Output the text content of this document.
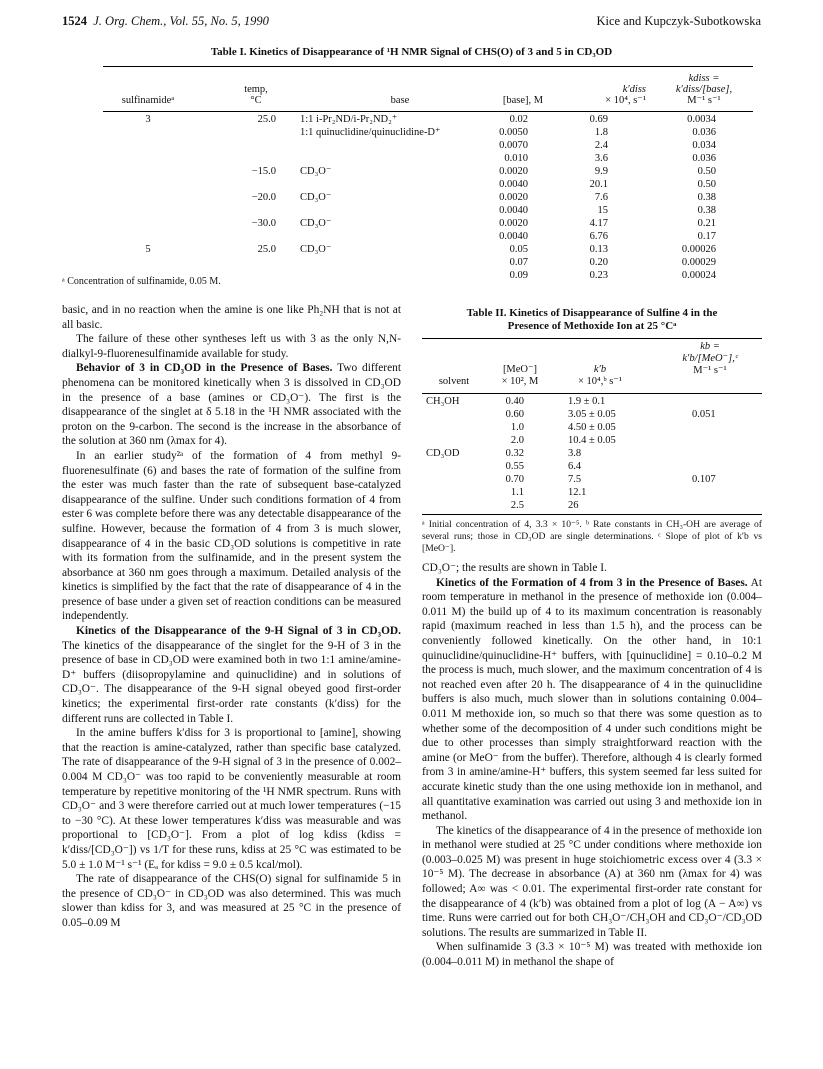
1524 J. Org. Chem., Vol. 55, No. 5, 1990	Kice and Kupczyk-Subotkowska
Table I. Kinetics of Disappearance of ¹H NMR Signal of CHS(O) of 3 and 5 in CD₃OD
sulfinamideᵃ
temp,
°C	base	[base], M
k′diss
× 10⁴, s⁻¹
kdiss =
k′diss/[base],
M⁻¹ s⁻¹
3	25.0 1:1 i-Pr₂ND/i-Pr₂ND₂⁺	0.02	0.69	0.0034
1:1 quinuclidine/quinuclidine-D⁺	0.0050	1.8	0.036
0.0070	2.4	0.034
0.010	3.6	0.036
−15.0 CD₃O⁻	0.0020	9.9	0.50
0.0040	20.1	0.50
−20.0 CD₃O⁻	0.0020	7.6	0.38
0.0040	15	0.38
−30.0 CD₃O⁻	0.0020	4.17	0.21
0.0040	6.76	0.17
5	25.0 CD₃O⁻	0.05	0.13	0.00026
0.07	0.20	0.00029
0.09	0.23	0.00024
ᵃ Concentration of sulfinamide, 0.05 M.

basic, and in no reaction when the amine is one like Ph₂NH that is not at all basic.

The failure of these other syntheses left us with 3 as the only N,N-dialkyl-9-fluorenesulfinamide available for study.

Behavior of 3 in CD₃OD in the Presence of Bases. Two different phenomena can be monitored kinetically when 3 is dissolved in CD₃OD in the presence of a base (amines or CD₃O⁻). The first is the disappearance of the singlet at δ 5.18 in the ¹H NMR associated with the proton on the 9-carbon. The second is the increase in the absorbance of the solution at 360 nm (λmax for 4).

In an earlier study²ᵃ of the formation of 4 from methyl 9-fluorenesulfinate (6) and bases the rate of formation of the sulfine from the ester was much faster than the rate of subsequent base-catalyzed disappearance of the sulfine. Under such conditions formation of 4 from ester 6 was complete before there was any detectable disappearance of the sulfine. However, because the formation of 4 from 3 is much slower, disappearance of 4 in the basic CD₃OD solutions is competitive in rate with its formation from the sulfinamide, and in the present system the absorbance at 360 nm goes through a maximum. Detailed analysis of the kinetics is simplified by the fact that the rate of disappearance of 4 in the presence of base under a given set of reaction conditions can be measured independently.

Kinetics of the Disappearance of the 9-H Signal of 3 in CD₃OD. The kinetics of the disappearance of the singlet for the 9-H of 3 in the presence of base in CD₃OD were examined both in two 1:1 amine/amine-D⁺ buffers (diisopropylamine and quinuclidine) and in solutions of CD₃O⁻. The disappearance of the 9-H signal obeyed good first-order kinetics; the experimental first-order rate constants (k′diss) for the different runs are collected in Table I.

In the amine buffers k′diss for 3 is proportional to [amine], showing that the reaction is amine-catalyzed, rather than specific base catalyzed. The rate of disappearance of the 9-H signal of 3 in the presence of 0.002–0.004 M CD₃O⁻ was too rapid to be conveniently measurable at room temperature by repetitive monitoring of the ¹H NMR spectrum. Runs with CD₃O⁻ and 3 were therefore carried out at much lower temperatures (−15 to −30 °C). At these lower temperatures k′diss was measurable and was proportional to [CD₃O⁻]. From a plot of log kdiss (kdiss = k′diss/[CD₃O⁻]) vs 1/T for these runs, kdiss at 25 °C was estimated to be 5.0 ± 1.0 M⁻¹ s⁻¹ (Eₐ for kdiss = 9.0 ± 0.5 kcal/mol).

The rate of disappearance of the CHS(O) signal for sulfinamide 5 in the presence of CD₃O⁻ in CD₃OD was also determined. This was much slower than kdiss for 3, and was measured at 25 °C in the presence of 0.05–0.09 M

Table II. Kinetics of Disappearance of Sulfine 4 in the
Presence of Methoxide Ion at 25 °Cᵃ
solvent
[MeO⁻]
× 10², M
k′b
× 10⁴,ᵇ s⁻¹
kb =
k′b/[MeO⁻],ᶜ
M⁻¹ s⁻¹
CH₃OH	0.40	1.9 ± 0.1
0.60	3.05 ± 0.05	0.051
1.0	4.50 ± 0.05
2.0	10.4 ± 0.05
CD₃OD	0.32	3.8
0.55	6.4
0.70	7.5	0.107
1.1	12.1
2.5	26
ᵃ Initial concentration of 4, 3.3 × 10⁻⁵. ᵇ Rate constants in CH₃-OH are average of several runs; those in CD₃OD are single determinations. ᶜ Slope of plot of k′b vs [MeO⁻].

CD₃O⁻; the results are shown in Table I.

Kinetics of the Formation of 4 from 3 in the Presence of Bases. At room temperature in methanol in the presence of methoxide ion (0.004–0.011 M) the build up of 4 to its maximum concentration is reasonably rapid (maximum reached in less than 1.5 h), and the process can be conveniently followed kinetically. On the other hand, in 10:1 quinuclidine/quinuclidine-H⁺ buffers, with [quinuclidine] = 0.10–0.2 M the process is much, much slower, and the maximum concentration of 4 is not reached even after 20 h. The disappearance of 4 in the quinuclidine buffers is also much, much slower than in solutions containing 0.004–0.011 M methoxide ion, so much so that there was some question as to whether some of the decomposition of 4 under such conditions might be due to other processes than simply straightforward reaction with the amine (or MeO⁻ from the buffer). Therefore, although 4 is clearly formed from 3 in amine/amine-H⁺ buffers, this system seemed far less suited for accurate kinetic study than the one using methoxide ion in methanol, and all quantitative examination was carried out using 3 and methoxide ion in methanol.

The kinetics of the disappearance of 4 in the presence of methoxide ion in methanol were studied at 25 °C under conditions where methoxide ion (0.003–0.025 M) was present in huge stoichiometric excess over 4 (3.3 × 10⁻⁵ M). The decrease in absorbance (A) at 360 nm (λmax for 4) was followed; A∞ was < 0.01. The experimental first-order rate constant for the disappearance of 4 (k′b) was obtained from a plot of log (A − A∞) vs time. Runs were carried out for both CH₃O⁻/CH₃OH and CD₃O⁻/CD₃OD solutions. The results are summarized in Table II.

When sulfinamide 3 (3.3 × 10⁻⁵ M) was treated with methoxide ion (0.004–0.011 M) in methanol the shape of
